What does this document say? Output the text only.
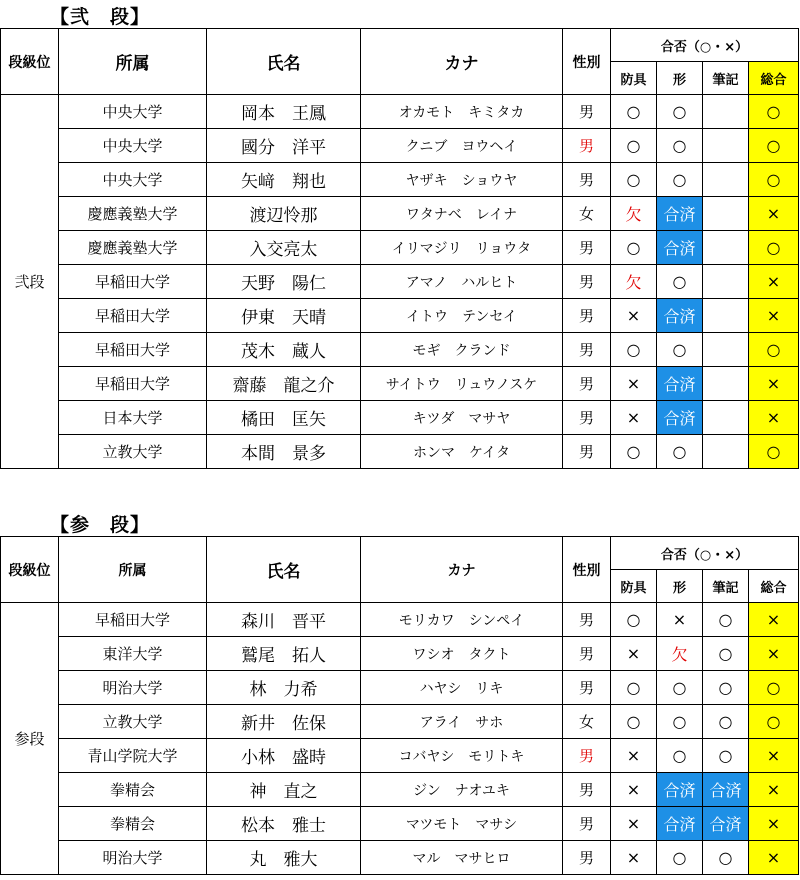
【弐　段】
段級位	所属	氏名	カナ	性別	合否（○・×）			
					防具	形	筆記	総合
弐段	中央大学	岡本　王鳳	オカモト　キミタカ	男	○	○		○
	中央大学	國分　洋平	クニブ　ヨウヘイ	男	○	○		○
	中央大学	矢﨑　翔也	ヤザキ　ショウヤ	男	○	○		○
	慶應義塾大学	渡辺怜那	ワタナベ　レイナ	女	欠	合済		×
	慶應義塾大学	入交亮太	イリマジリ　リョウタ	男	○	合済		○
	早稲田大学	天野　陽仁	アマノ　ハルヒト	男	欠	○		×
	早稲田大学	伊東　天晴	イトウ　テンセイ	男	×	合済		×
	早稲田大学	茂木　蔵人	モギ　クランド	男	○	○		○
	早稲田大学	齋藤　龍之介	サイトウ　リュウノスケ	男	×	合済		×
	日本大学	橘田　匡矢	キツダ　マサヤ	男	×	合済		×
	立教大学	本間　景多	ホンマ　ケイタ	男	○	○		○
【参　段】
段級位	所属	氏名	カナ	性別	合否（○・×）			
					防具	形	筆記	総合
参段	早稲田大学	森川　晋平	モリカワ　シンペイ	男	○	×	○	×
	東洋大学	鷲尾　拓人	ワシオ　タクト	男	×	欠	○	×
	明治大学	林　力希	ハヤシ　リキ	男	○	○	○	○
	立教大学	新井　佐保	アライ　サホ	女	○	○	○	○
	青山学院大学	小林　盛時	コバヤシ　モリトキ	男	×	○	○	×
	拳精会	神　直之	ジン　ナオユキ	男	×	合済	合済	×
	拳精会	松本　雅士	マツモト　マサシ	男	×	合済	合済	×
	明治大学	丸　雅大	マル　マサヒロ	男	×	○	○	×
